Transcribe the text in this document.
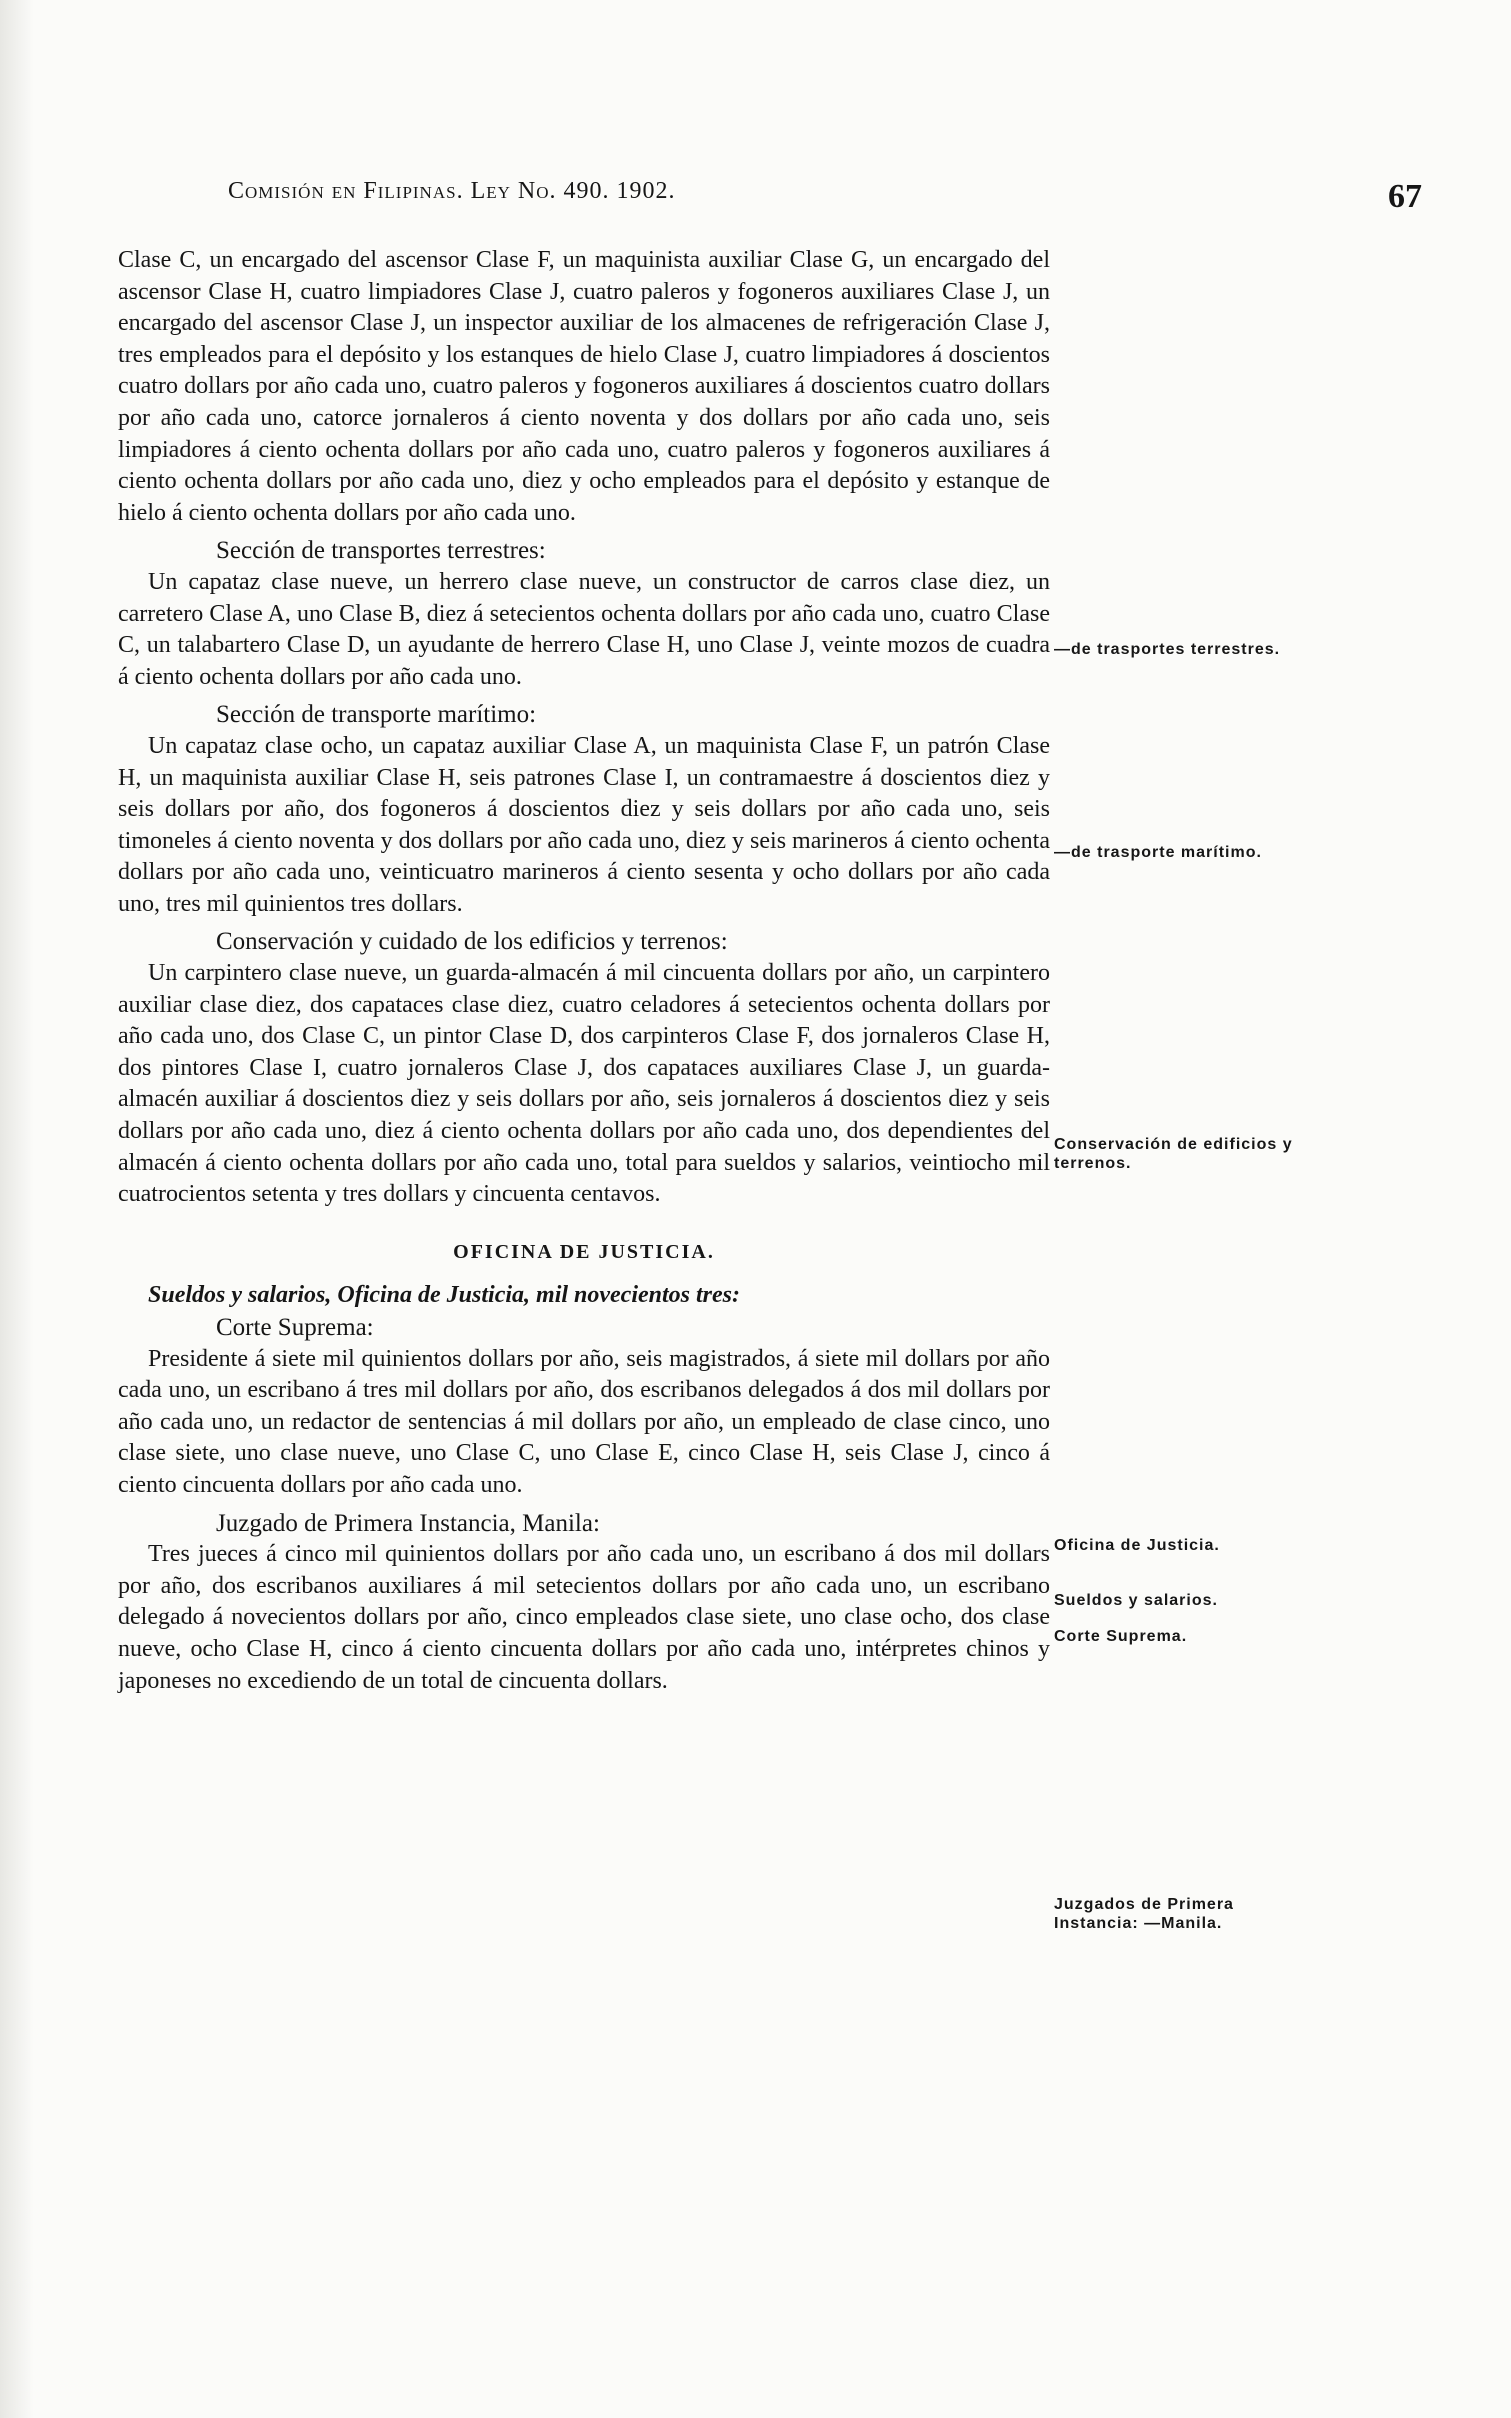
Comisión en Filipinas. Ley No. 490. 1902.	67

Clase C, un encargado del ascensor Clase F, un maquinista auxiliar Clase G, un encargado del ascensor Clase H, cuatro limpiadores Clase J, cuatro paleros y fogoneros auxiliares Clase J, un encargado del ascensor Clase J, un inspector auxiliar de los almacenes de refrigeración Clase J, tres empleados para el depósito y los estanques de hielo Clase J, cuatro limpiadores á doscientos cuatro dollars por año cada uno, cuatro paleros y fogoneros auxiliares á doscientos cuatro dollars por año cada uno, catorce jornaleros á ciento noventa y dos dollars por año cada uno, seis limpiadores á ciento ochenta dollars por año cada uno, cuatro paleros y fogoneros auxiliares á ciento ochenta dollars por año cada uno, diez y ocho empleados para el depósito y estanque de hielo á ciento ochenta dollars por año cada uno.

Sección de transportes terrestres:

Un capataz clase nueve, un herrero clase nueve, un constructor de carros clase diez, un carretero Clase A, uno Clase B, diez á setecientos ochenta dollars por año cada uno, cuatro Clase C, un talabartero Clase D, un ayudante de herrero Clase H, uno Clase J, veinte mozos de cuadra á ciento ochenta dollars por año cada uno.

Sección de transporte marítimo:

Un capataz clase ocho, un capataz auxiliar Clase A, un maquinista Clase F, un patrón Clase H, un maquinista auxiliar Clase H, seis patrones Clase I, un contramaestre á doscientos diez y seis dollars por año, dos fogoneros á doscientos diez y seis dollars por año cada uno, seis timoneles á ciento noventa y dos dollars por año cada uno, diez y seis marineros á ciento ochenta dollars por año cada uno, veinticuatro marineros á ciento sesenta y ocho dollars por año cada uno, tres mil quinientos tres dollars.

Conservación y cuidado de los edificios y terrenos:

Un carpintero clase nueve, un guarda-almacén á mil cincuenta dollars por año, un carpintero auxiliar clase diez, dos capataces clase diez, cuatro celadores á setecientos ochenta dollars por año cada uno, dos Clase C, un pintor Clase D, dos carpinteros Clase F, dos jornaleros Clase H, dos pintores Clase I, cuatro jornaleros Clase J, dos capataces auxiliares Clase J, un guarda-almacén auxiliar á doscientos diez y seis dollars por año, seis jornaleros á doscientos diez y seis dollars por año cada uno, diez á ciento ochenta dollars por año cada uno, dos dependientes del almacén á ciento ochenta dollars por año cada uno, total para sueldos y salarios, veintiocho mil cuatrocientos setenta y tres dollars y cincuenta centavos.

OFICINA DE JUSTICIA.

Sueldos y salarios, Oficina de Justicia, mil novecientos tres:

Corte Suprema:

Presidente á siete mil quinientos dollars por año, seis magistrados, á siete mil dollars por año cada uno, un escribano á tres mil dollars por año, dos escribanos delegados á dos mil dollars por año cada uno, un redactor de sentencias á mil dollars por año, un empleado de clase cinco, uno clase siete, uno clase nueve, uno Clase C, uno Clase E, cinco Clase H, seis Clase J, cinco á ciento cincuenta dollars por año cada uno.

Juzgado de Primera Instancia, Manila:

Tres jueces á cinco mil quinientos dollars por año cada uno, un escribano á dos mil dollars por año, dos escribanos auxiliares á mil setecientos dollars por año cada uno, un escribano delegado á novecientos dollars por año, cinco empleados clase siete, uno clase ocho, dos clase nueve, ocho Clase H, cinco á ciento cincuenta dollars por año cada uno, intérpretes chinos y japoneses no excediendo de un total de cincuenta dollars.

—de trasportes terrestres.
—de trasporte marítimo.
Conservación de edificios y terrenos.
Oficina de Justicia.
Sueldos y salarios.
Corte Suprema.
Juzgados de Primera Instancia: —Manila.
